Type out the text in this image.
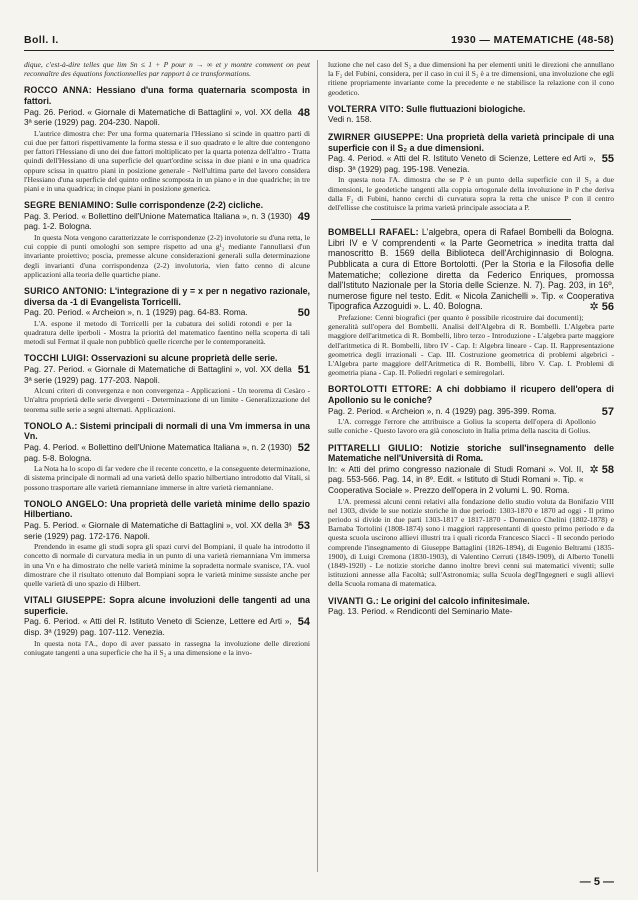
Boll. I.	1930 — MATEMATICHE (48-58)
dique, c'est-à-dire telles que lim Sn ≤ 1 + P pour n → ∞ et y montre comment on peut reconnaître des équations fonctionnelles par rapport à ce transformations.
ROCCO ANNA: Hessiano d'una forma quaternaria scomposta in fattori.
48
Pag. 26. Period. « Giornale di Matematiche di Battaglini », vol. XX della 3ª serie (1929) pag. 204-230. Napoli.
L'autrice dimostra che: Per una forma quaternaria l'Hessiano si scinde in quattro parti di cui due per fattori rispettivamente la forma stessa e il suo quadrato e le altre due contengono per fattori l'Hessiano di uno dei due fattori moltiplicato per la quarta potenza dell'altro - Tratta quindi dell'Hessiano di una superficie del quart'ordine scissa in due piani e in una quadrica oppure scissa in quattro piani in posizione generale - Nell'ultima parte del lavoro considera l'Hessiano d'una superficie del quinto ordine scomposta in un piano e in due quadriche; in tre piani e in una quadrica; in cinque piani in posizione generica.
SEGRE BENIAMINO: Sulle corrispondenze (2-2) cicliche.
49
Pag. 3. Period. « Bollettino dell'Unione Matematica Italiana », n. 3 (1930) pag. 1-2. Bologna.
In questa Nota vengono caratterizzate le corrispondenze (2-2) involutorie su d'una retta, le cui coppie di punti omologhi son sempre rispetto ad una g¹₂ mediante l'annullarsi d'un invariante proiettivo; poscia, premesse alcune considerazioni generali sulla determinazione degli invarianti d'una corrispondenza (2-2) involutoria, vien fatto cenno di alcune applicazioni alla teoria delle quartiche piane.
SURICO ANTONIO: L'integrazione di y = x per n negativo razionale, diversa da -1 di Evangelista Torricelli.
50
Pag. 20. Period. « Archeion », n. 1 (1929) pag. 64-83. Roma.
L'A. espone il metodo di Torricelli per la cubatura dei solidi rotondi e per la quadratura delle iperboli - Mostra la priorità del matematico faentino nella scoperta di tali metodi sul Fermat il quale non pubblicò quelle ricerche per le contemporaneità.
TOCCHI LUIGI: Osservazioni su alcune proprietà delle serie.
51
Pag. 27. Period. « Giornale di Matematiche di Battaglini », vol. XX della 3ª serie (1929) pag. 177-203. Napoli.
Alcuni criteri di convergenza e non convergenza - Applicazioni - Un teorema di Cesàro - Un'altra proprietà delle serie divergenti - Determinazione di un limite - Generalizzazione del teorema sulle serie a segni alternati. Applicazioni.
TONOLO A.: Sistemi principali di normali di una Vm immersa in una Vn.
52
Pag. 4. Period. « Bollettino dell'Unione Matematica Italiana », n. 2 (1930) pag. 5-8. Bologna.
La Nota ha lo scopo di far vedere che il recente concetto, e la conseguente determinazione, di sistema principale di normali ad una varietà dello spazio hilbertiano introdotto dal Vitali, si possono trasportare alle varietà riemanniane immerse in altre varietà riemanniane.
TONOLO ANGELO: Una proprietà delle varietà minime dello spazio Hilbertiano.
53
Pag. 5. Period. « Giornale di Matematiche di Battaglini », vol. XX della 3ª serie (1929) pag. 172-176. Napoli.
Prendendo in esame gli studi sopra gli spazi curvi del Bompiani, il quale ha introdotto il concetto di normale di curvatura media in un punto di una varietà riemanniana Vm immersa in una Vn e ha dimostrato che nelle varietà minime la sopradetta normale svanisce, l'A. vuol dimostrare che il risultato ottenuto dal Bompiani sopra le varietà minime sussiste anche per quelle varietà di uno spazio di Hilbert.
VITALI GIUSEPPE: Sopra alcune involuzioni delle tangenti ad una superficie.
54
Pag. 6. Period. « Atti del R. Istituto Veneto di Scienze, Lettere ed Arti », disp. 3ª (1929) pag. 107-112. Venezia.
In questa nota l'A., dopo di aver passato in rassegna la involuzione delle direzioni coniugate tangenti a una superficie che ha il S₂ a una dimensione e la invo-
luzione che nel caso del S₂ a due dimensioni ha per elementi uniti le direzioni che annullano la F₂ del Fubini, considera, per il caso in cui il S₂ è a tre dimensioni, una involuzione che egli ritiene propriamente invariante come la precedente e ne stabilisce la relazione con il cono geodetico.
VOLTERRA VITO: Sulle fluttuazioni biologiche.
Vedi n. 158.
ZWIRNER GIUSEPPE: Una proprietà della varietà principale di una superficie con il S₂ a due dimensioni.
55
Pag. 4. Period. « Atti del R. Istituto Veneto di Scienze, Lettere ed Arti », disp. 3ª (1929) pag. 195-198. Venezia.
In questa nota l'A. dimostra che se P è un punto della superficie con il S₂ a due dimensioni, le geodetiche tangenti alla coppia ortogonale della involuzione in P che deriva dalla F₂ di Fubini, hanno cerchi di curvatura sopra la retta che unisce P con il centro dell'ellisse che costituisce la prima varietà principale associata a P.
BOMBELLI RAFAEL: L'algebra, opera di Rafael Bombelli da Bologna. Libri IV e V comprendenti « la Parte Geometrica » inedita tratta dal manoscritto B. 1569 della Biblioteca dell'Archiginnasio di Bologna. Pubblicata a cura di Ettore Bortolotti. (Per la Storia e la Filosofia delle Matematiche; collezione diretta da Federico Enriques, promossa dall'Istituto Nazionale per la Storia delle Scienze. N. 7). Pag. 203, in 16º, numerose figure nel testo. Edit. « Nicola Zanichelli ». Tip. « Cooperativa Tipografica Azzoguidi ». L. 40. Bologna.	✲ 56
Prefazione: Cenni biografici (per quanto è possibile ricostruire dai documenti); generalità sull'opera del Bombelli. Analisi dell'Algebra di R. Bombelli. L'Algebra parte maggiore dell'aritmetica di R. Bombelli, libro terzo - Introduzione - L'algebra parte maggiore dell'aritmetica di R. Bombelli, libro IV - Cap. I: Algebra lineare - Cap. II. Rappresentazione geometrica degli irrazionali - Cap. III. Costruzione geometrica di problemi algebrici - L'Algebra parte maggiore dell'Aritmetica di R. Bombelli, libro V. Cap. I. Problemi di geometria piana - Cap. II. Poliedri regolari e semiregolari.
BORTOLOTTI ETTORE: A chi dobbiamo il ricupero dell'opera di Apollonio su le coniche?
57
Pag. 2. Period. « Archeion », n. 4 (1929) pag. 395-399. Roma.
L'A. corregge l'errore che attribuisce a Golius la scoperta dell'opera di Apollonio sulle coniche - Questo lavoro era già conosciuto in Italia prima della nascita di Golius.
PITTARELLI GIULIO: Notizie storiche sull'insegnamento delle Matematiche nell'Università di Roma.
✲ 58
In: « Atti del primo congresso nazionale di Studi Romani ». Vol. II, pag. 553-566. Pag. 14, in 8º. Edit. « Istituto di Studi Romani ». Tip. « Cooperativa Sociale ». Prezzo dell'opera in 2 volumi L. 90. Roma.
L'A. premessi alcuni cenni relativi alla fondazione dello studio voluta da Bonifazio VIII nel 1303, divide le sue notizie storiche in due periodi: 1303-1870 e 1870 ad oggi - Il primo periodo si divide in due parti 1303-1817 e 1817-1870 - Domenico Chelini (1802-1878) e Barnaba Tortolini (1808-1874) sono i maggiori rappresentanti di questo primo periodo e da questa scuola uscirono allievi illustri tra i quali ricorda Francesco Siacci - Il secondo periodo comprende l'insegnamento di Giuseppe Battaglini (1826-1894), di Eugenio Beltrami (1835-1900), di Luigi Cremona (1830-1903), di Valentino Cerruti (1849-1909), di Alberto Tonelli (1849-1920) - Le notizie storiche danno inoltre brevi cenni sui matematici viventi; sulle istituzioni annesse alla Facoltà; sull'Astronomia; sulla Scuola degl'Ingegneri e sugli allievi della Scuola romana di matematica.
VIVANTI G.: Le origini del calcolo infinitesimale.
Pag. 13. Period. « Rendiconti del Seminario Mate-
— 5 —
